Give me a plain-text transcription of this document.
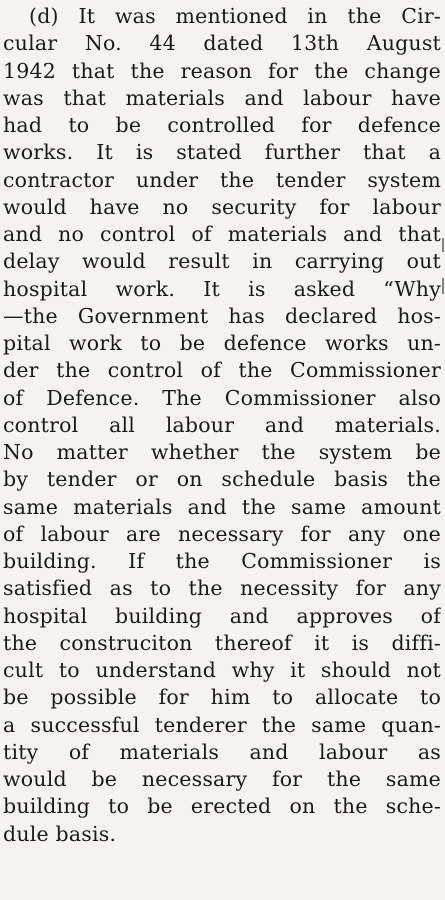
(d) It was mentioned in the Cir-
cular No. 44 dated 13th August
1942 that the reason for the change
was that materials and labour have
had to be controlled for defence
works. It is stated further that a
contractor under the tender system
would have no security for labour
and no control of materials and that
delay would result in carrying out
hospital work. It is asked “Why
—the Government has declared hos-
pital work to be defence works un-
der the control of the Commissioner
of Defence. The Commissioner also
control all labour and materials.
No matter whether the system be
by tender or on schedule basis the
same materials and the same amount
of labour are necessary for any one
building. If the Commissioner is
satisfied as to the necessity for any
hospital building and approves of
the construciton thereof it is diffi-
cult to understand why it should not
be possible for him to allocate to
a successful tenderer the same quan-
tity of materials and labour as
would be necessary for the same
building to be erected on the sche-
dule basis.
